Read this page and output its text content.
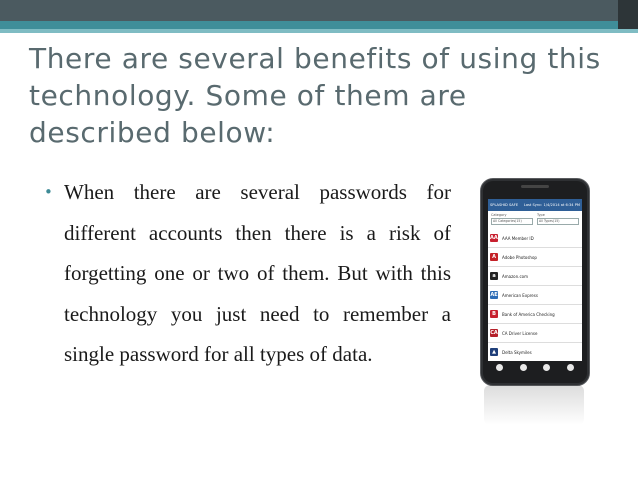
There are several benefits of using this technology. Some of them are described below:
• When there are several passwords for different accounts then there is a risk of forgetting one or two of them. But with this technology you just need to remember a single password for all types of data.
SPLASHID SAFE Last Sync: 1/4/2014 at 6:34 PM
Category
All Categories(15)
Type
All Types(15)
AAA AAA Member ID
A	Adobe Photoshop
a	Amazon.com
AE American Express
B	Bank of America Checking
CA CA Driver License
▲	Delta Skymiles
